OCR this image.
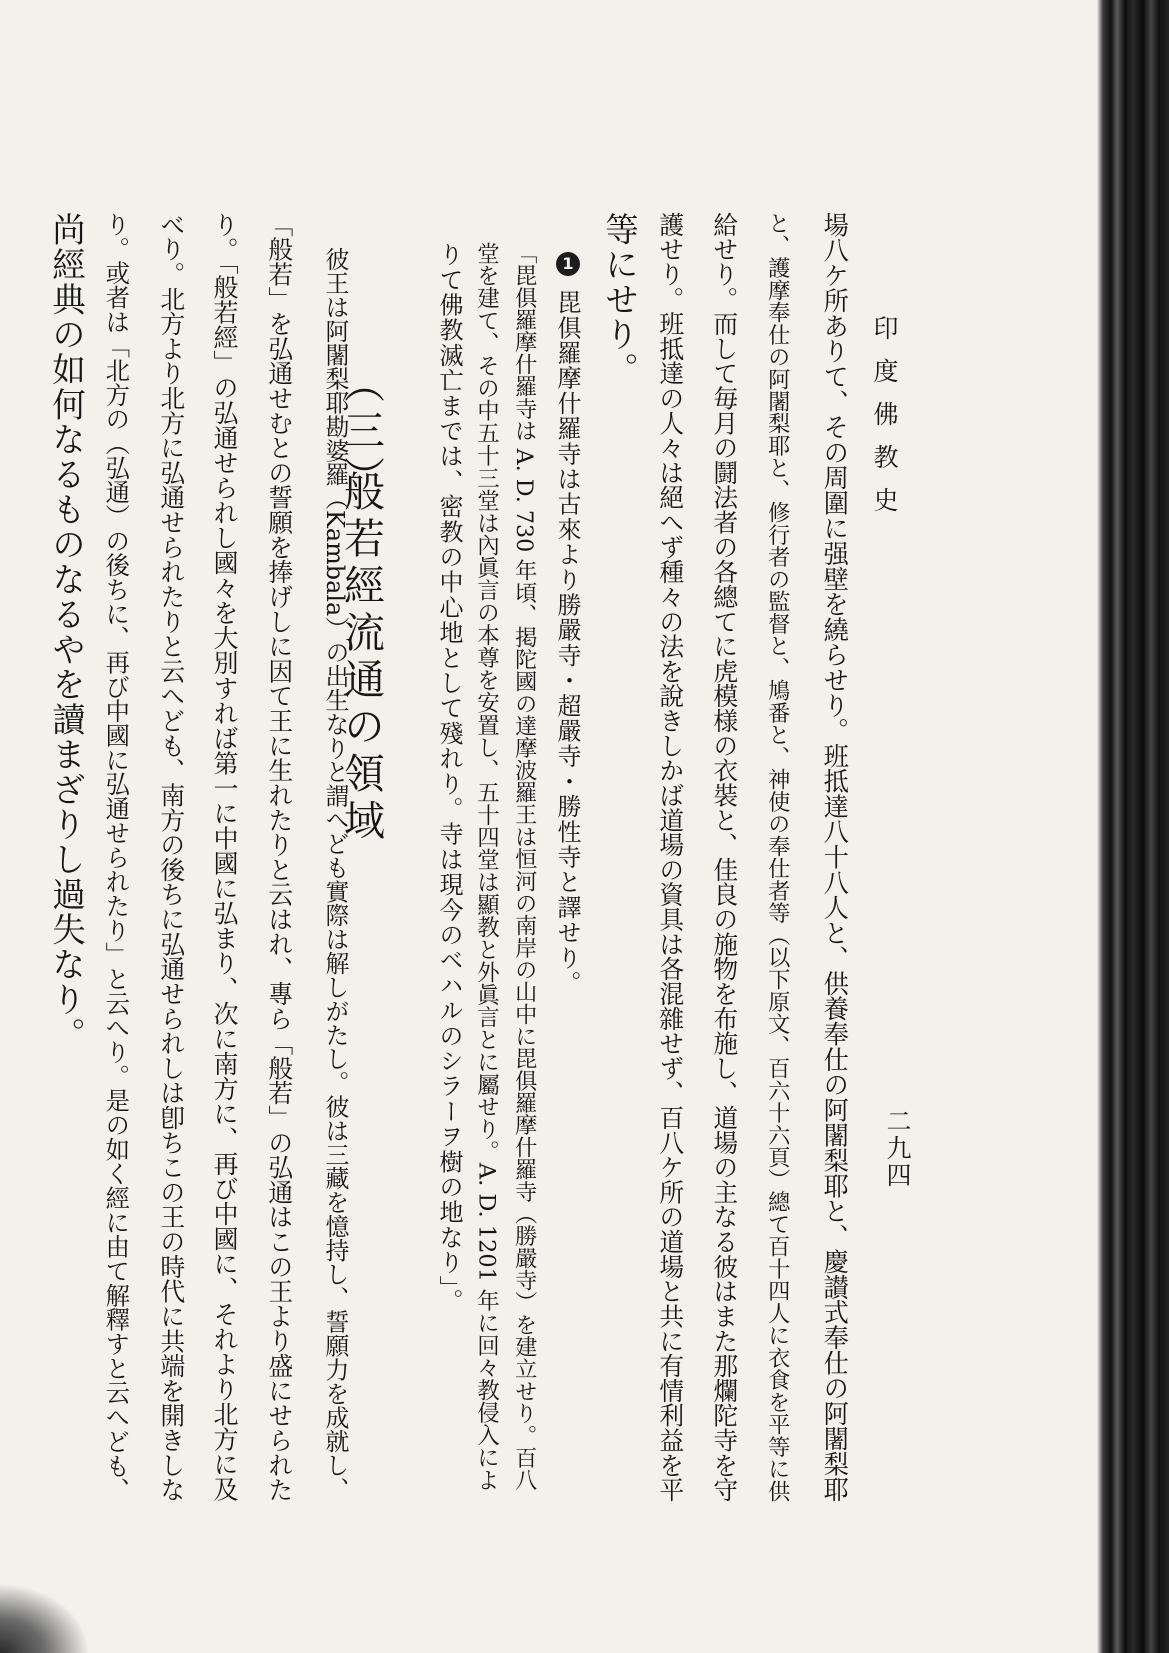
二九四
印度佛教史
場八ケ所ありて、その周圍に强壁を繞らせり。班抵達八十八人と、供養奉仕の阿闍梨耶と、慶讃式奉仕の阿闍梨耶
と、護摩奉仕の阿闍梨耶と、修行者の監督と、鳩番と、神使の奉仕者等（以下原文、百六十六頁）總て百十四人に衣食を平等に供
給せり。而して毎月の鬪法者の各總てに虎模様の衣裝と、佳良の施物を布施し、道場の主なる彼はまた那爛陀寺を守
護せり。班抵達の人々は絕へず種々の法を說きしかば道場の資具は各混雜せず、百八ケ所の道場と共に有情利益を平
等にせり。
1
毘俱羅摩什羅寺は古來より勝嚴寺・超嚴寺・勝性寺と譯せり。
「毘俱羅摩什羅寺は A. D. 730 年頃、掲陀國の達摩波羅王は恒河の南岸の山中に毘俱羅摩什羅寺（勝嚴寺）を建立せり。百八
堂を建て、その中五十三堂は內眞言の本尊を安置し、五十四堂は顯教と外眞言とに屬せり。A. D. 1201 年に回々教侵入によ
りて佛教滅亡までは、密教の中心地として殘れり。寺は現今のベハルのシラーヲ樹の地なり」。
（三）
般若經流通の領域
彼王は阿闍梨耶勘婆羅（Kambala）の出生なりと謂へども實際は解しがたし。彼は三藏を憶持し、誓願力を成就し、
「般若」を弘通せむとの誓願を捧げしに因て王に生れたりと云はれ、專ら「般若」の弘通はこの王より盛にせられた
り。「般若經」の弘通せられし國々を大別すれば第一に中國に弘まり、次に南方に、再び中國に、それより北方に及
べり。北方より北方に弘通せられたりと云へども、南方の後ちに弘通せられしは卽ちこの王の時代に共端を開きしな
り。或者は「北方の（弘通）の後ちに、再び中國に弘通せられたり」と云へり。是の如く經に由て解釋すと云へども、
尚經典の如何なるものなるやを讀まざりし過失なり。
